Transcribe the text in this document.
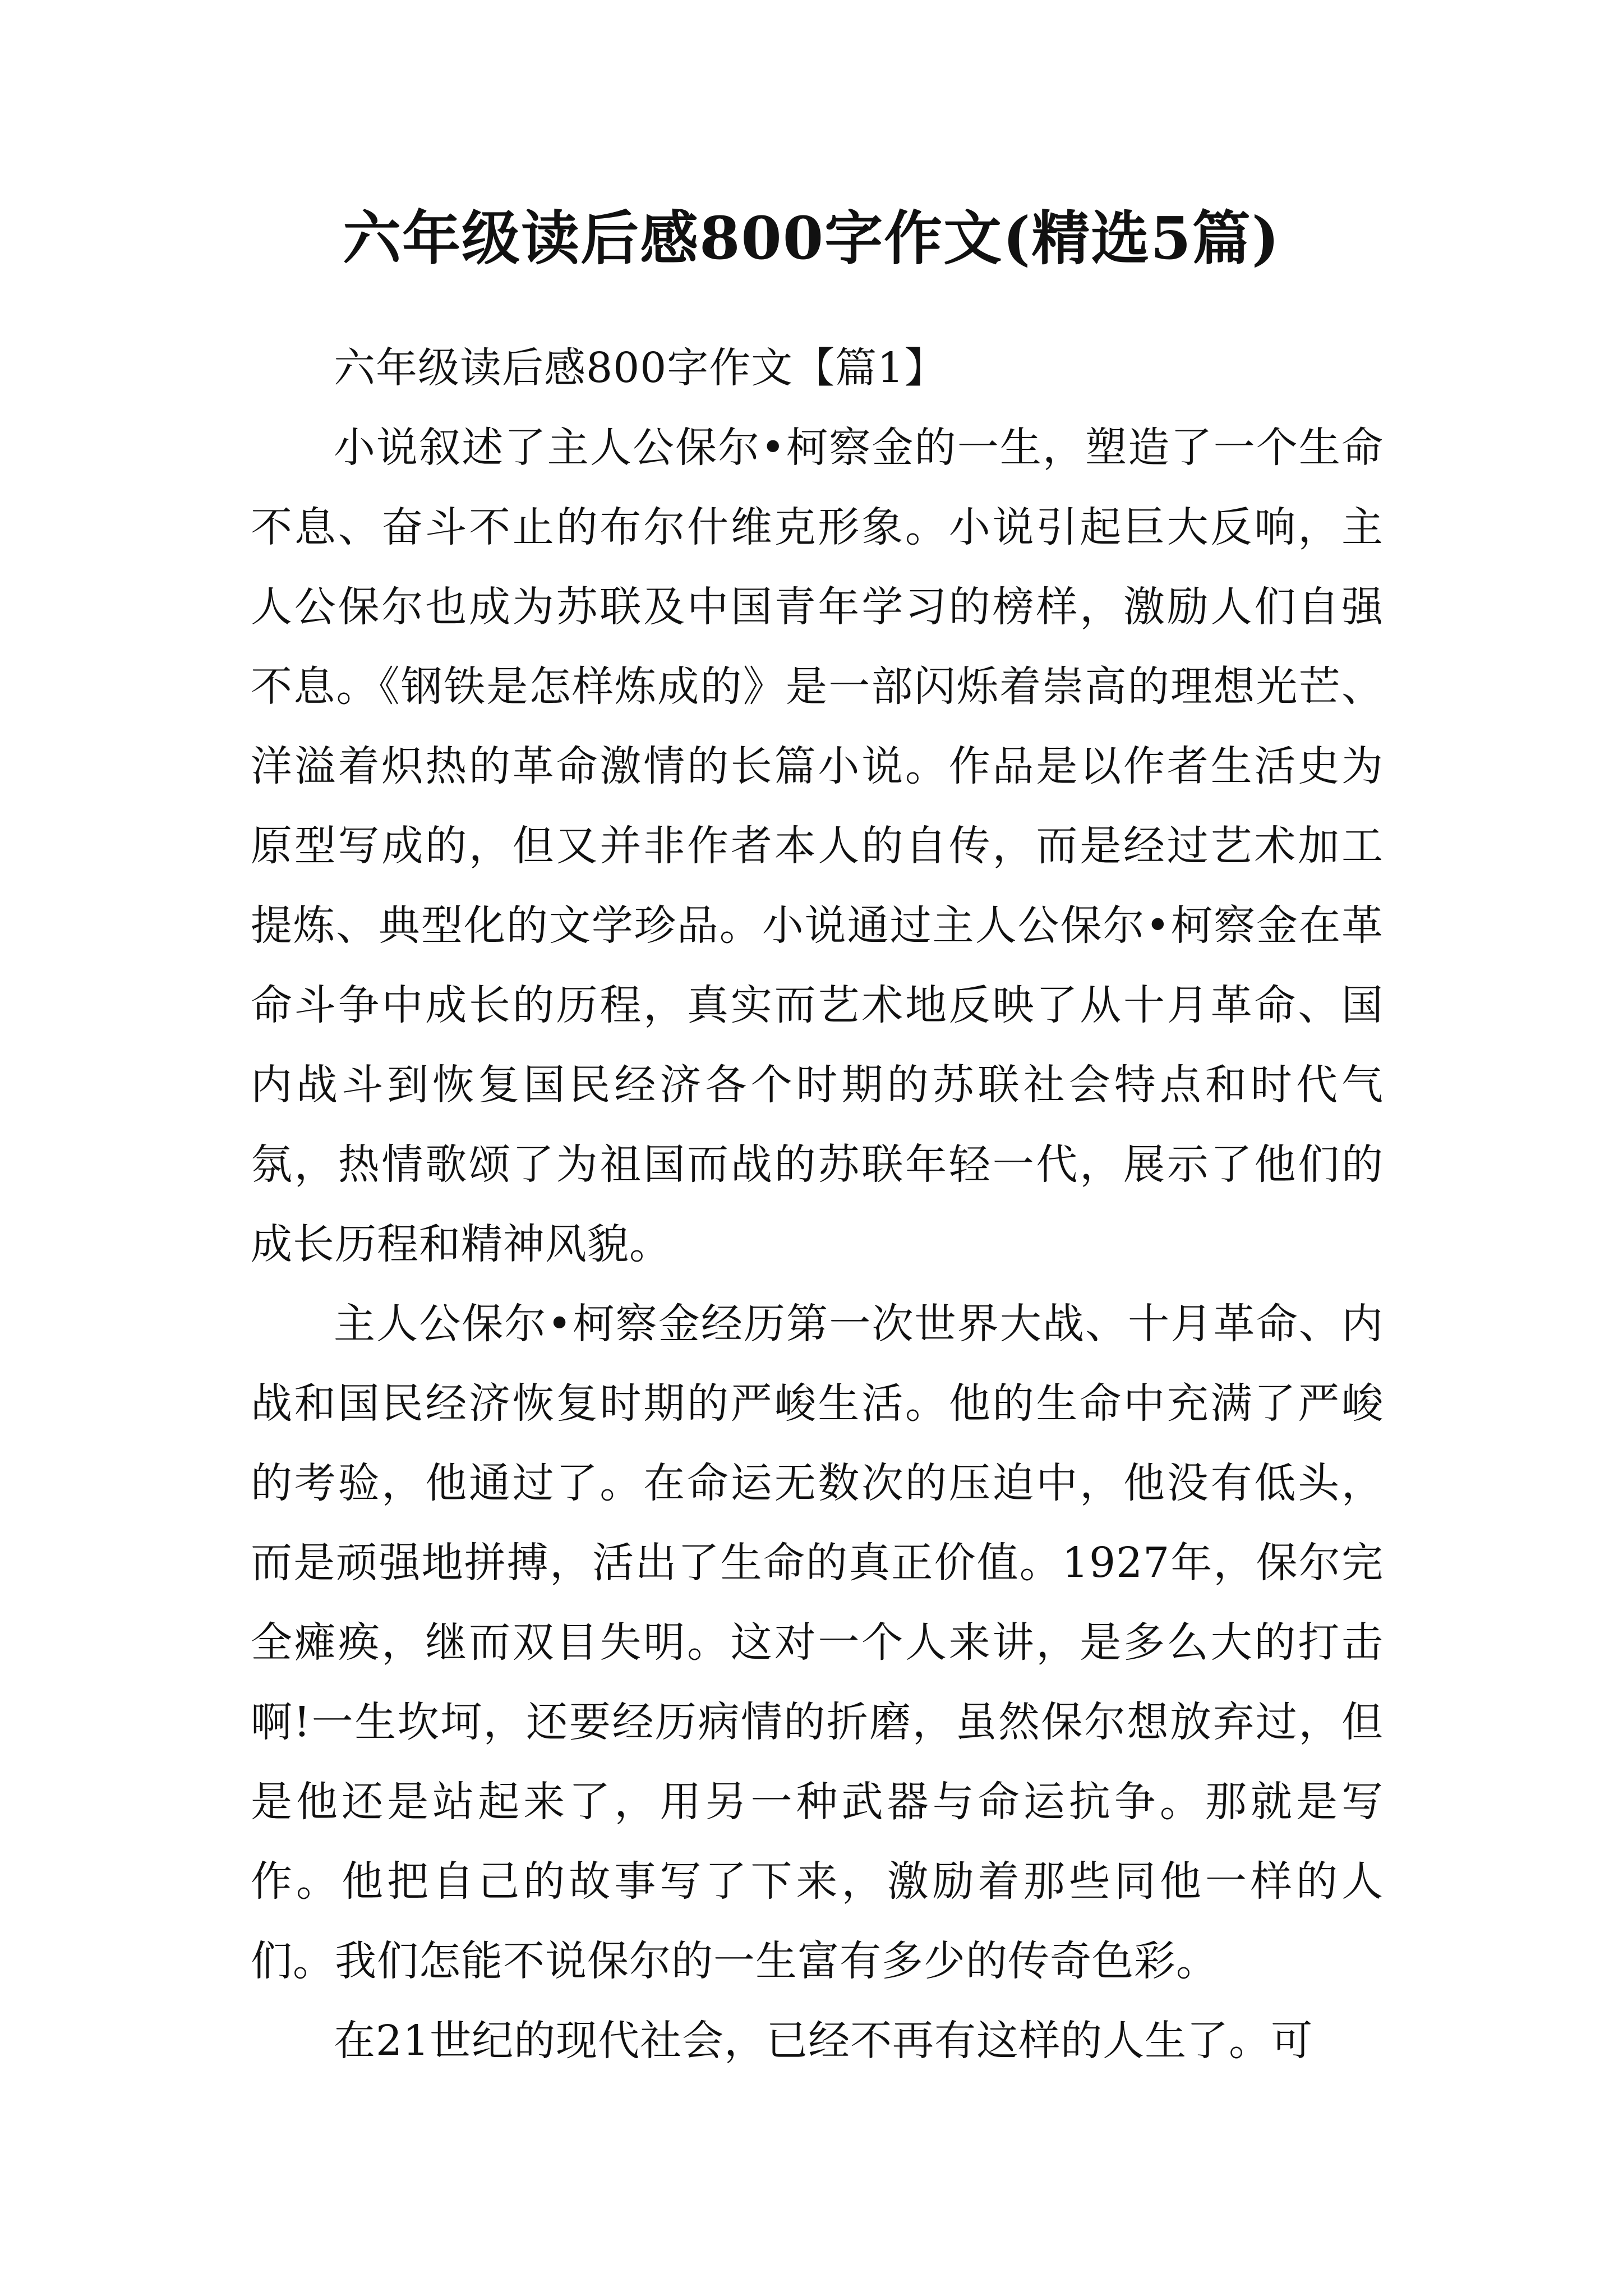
六年级读后感800字作文(精选5篇)

六年级读后感800字作文【篇1】

小说叙述了主人公保尔•柯察金的一生，塑造了一个生命不息、奋斗不止的布尔什维克形象。小说引起巨大反响，主人公保尔也成为苏联及中国青年学习的榜样，激励人们自强不息。《钢铁是怎样炼成的》是一部闪烁着崇高的理想光芒、洋溢着炽热的革命激情的长篇小说。作品是以作者生活史为原型写成的，但又并非作者本人的自传，而是经过艺术加工提炼、典型化的文学珍品。小说通过主人公保尔•柯察金在革命斗争中成长的历程，真实而艺术地反映了从十月革命、国内战斗到恢复国民经济各个时期的苏联社会特点和时代气氛，热情歌颂了为祖国而战的苏联年轻一代，展示了他们的成长历程和精神风貌。

主人公保尔•柯察金经历第一次世界大战、十月革命、内战和国民经济恢复时期的严峻生活。他的生命中充满了严峻的考验，他通过了。在命运无数次的压迫中，他没有低头，而是顽强地拼搏，活出了生命的真正价值。1927年，保尔完全瘫痪，继而双目失明。这对一个人来讲，是多么大的打击啊!一生坎坷，还要经历病情的折磨，虽然保尔想放弃过，但是他还是站起来了，用另一种武器与命运抗争。那就是写作。他把自己的故事写了下来，激励着那些同他一样的人们。我们怎能不说保尔的一生富有多少的传奇色彩。

在21世纪的现代社会，已经不再有这样的人生了。可
